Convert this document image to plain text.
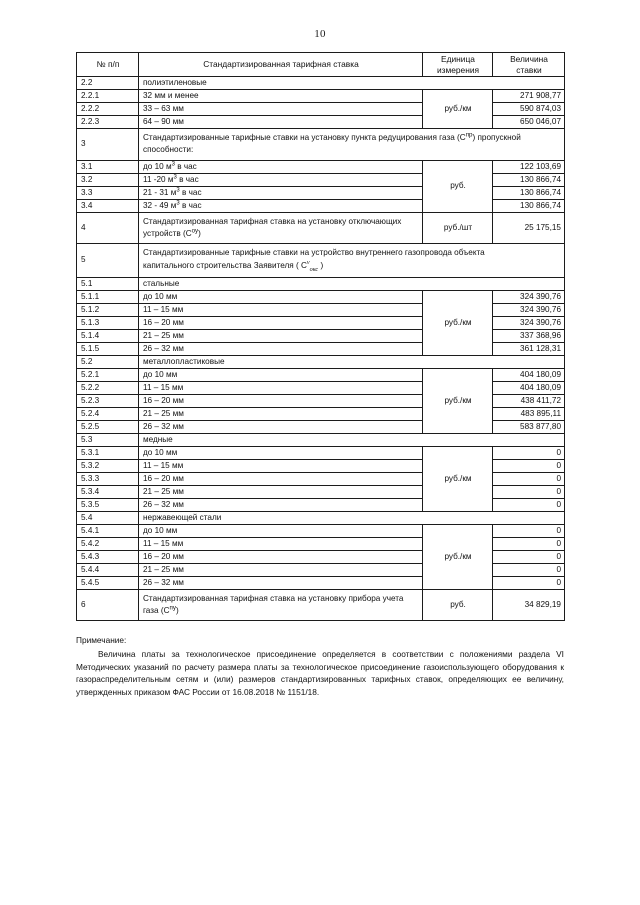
10
№ п/п	Стандартизированная тарифная ставка	Единица
измерения	Величина
ставки
2.2	полиэтиленовые		
2.2.1	32 мм и менее	руб./км	271 908,77
2.2.2	33 – 63 мм		590 874,03
2.2.3	64 – 90 мм		650 046,07
3	Стандартизированные тарифные ставки на установку пункта редуцирования газа $(С^{пр})$ пропускной способности:		
3.1	до 10 $м^3$ в час	руб.	122 103,69
3.2	11 -20 $м^3$ в час		130 866,74
3.3	21 - 31 $м^3$ в час		130 866,74
3.4	32 - 49 $м^3$ в час		130 866,74
4	Стандартизированная тарифная ставка на установку отключающих устройств $(С^{оу})$	руб./шт	25 175,15
5	Стандартизированные тарифные ставки на устройство внутреннего газопровода объекта
капитального строительства Заявителя ( $С^v_{окс}$ )		
5.1	стальные		
5.1.1	до 10 мм	руб./км	324 390,76
5.1.2	11 – 15 мм		324 390,76
5.1.3	16 – 20 мм		324 390,76
5.1.4	21 – 25 мм		337 368,96
5.1.5	26 – 32 мм		361 128,31
5.2	металлопластиковые		
5.2.1	до 10 мм	руб./км	404 180,09
5.2.2	11 – 15 мм		404 180,09
5.2.3	16 – 20 мм		438 411,72
5.2.4	21 – 25 мм		483 895,11
5.2.5	26 – 32 мм		583 877,80
5.3	медные		
5.3.1	до 10 мм	руб./км	0
5.3.2	11 – 15 мм		0
5.3.3	16 – 20 мм		0
5.3.4	21 – 25 мм		0
5.3.5	26 – 32 мм		0
5.4	нержавеющей стали		
5.4.1	до 10 мм	руб./км	0
5.4.2	11 – 15 мм		0
5.4.3	16 – 20 мм		0
5.4.4	21 – 25 мм		0
5.4.5	26 – 32 мм		0
6	Стандартизированная тарифная ставка на установку прибора учета газа $(С^{пу})$	руб.	34 829,19
Примечание:
Величина платы за технологическое присоединение определяется в соответствии с положениями раздела VI Методических указаний по расчету размера платы за технологическое присоединение газоиспользующего оборудования к газораспределительным сетям и (или) размеров стандартизированных тарифных ставок, определяющих ее величину, утвержденных приказом ФАС России от 16.08.2018 № 1151/18.
